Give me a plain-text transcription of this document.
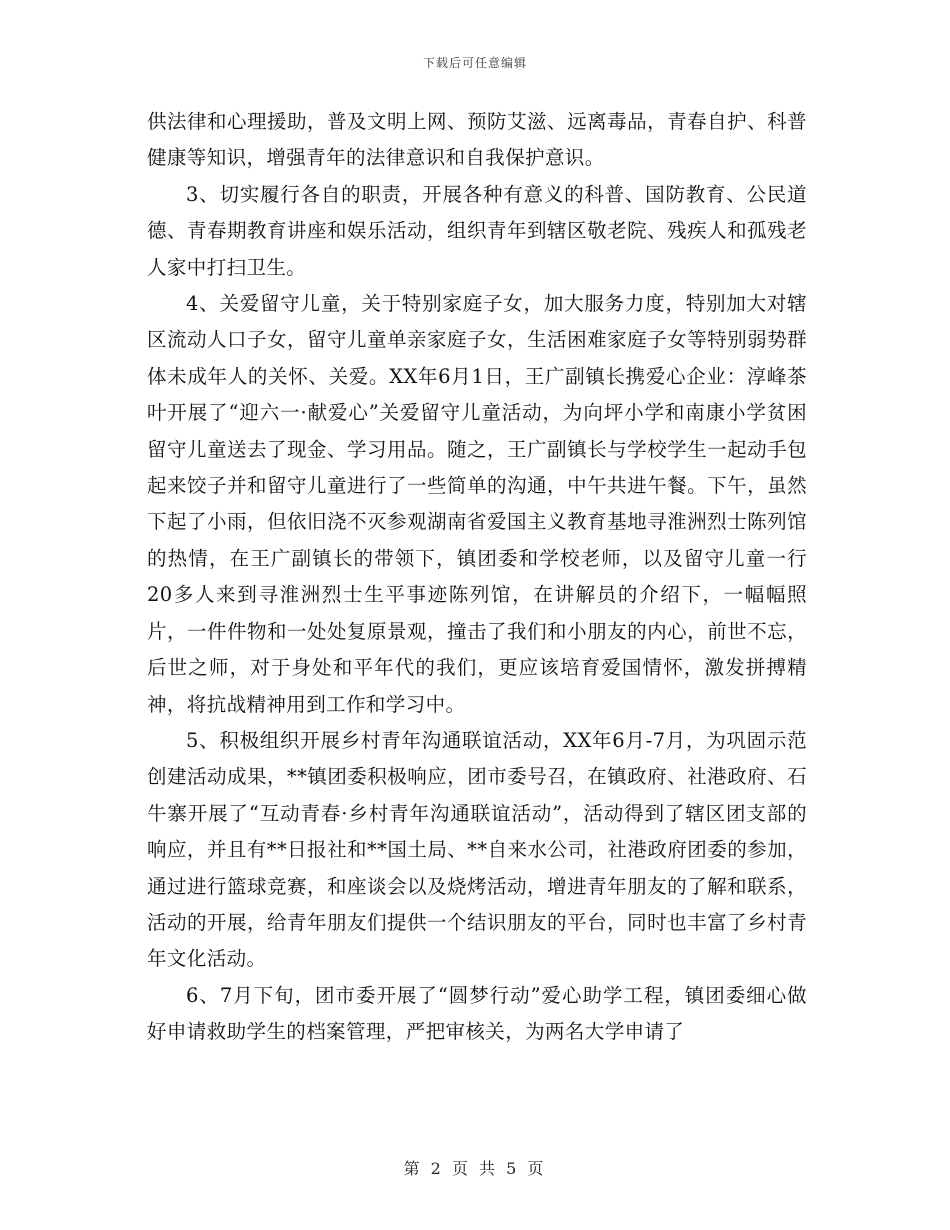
下载后可任意编辑

供法律和心理援助，普及文明上网、预防艾滋、远离毒品，青春自护、科普健康等知识，增强青年的法律意识和自我保护意识。

3、切实履行各自的职责，开展各种有意义的科普、国防教育、公民道德、青春期教育讲座和娱乐活动，组织青年到辖区敬老院、残疾人和孤残老人家中打扫卫生。

4、关爱留守儿童，关于特别家庭子女，加大服务力度，特别加大对辖区流动人口子女，留守儿童单亲家庭子女，生活困难家庭子女等特别弱势群体未成年人的关怀、关爱。XX年6月1日，王广副镇长携爱心企业：淳峰茶叶开展了“迎六一·献爱心”关爱留守儿童活动，为向坪小学和南康小学贫困留守儿童送去了现金、学习用品。随之，王广副镇长与学校学生一起动手包起来饺子并和留守儿童进行了一些简单的沟通，中午共进午餐。下午，虽然下起了小雨，但依旧浇不灭参观湖南省爱国主义教育基地寻淮洲烈士陈列馆的热情，在王广副镇长的带领下，镇团委和学校老师，以及留守儿童一行20多人来到寻淮洲烈士生平事迹陈列馆，在讲解员的介绍下，一幅幅照片，一件件物和一处处复原景观，撞击了我们和小朋友的内心，前世不忘，后世之师，对于身处和平年代的我们，更应该培育爱国情怀，激发拼搏精神，将抗战精神用到工作和学习中。

5、积极组织开展乡村青年沟通联谊活动，XX年6月-7月，为巩固示范创建活动成果，**镇团委积极响应，团市委号召，在镇政府、社港政府、石牛寨开展了“互动青春·乡村青年沟通联谊活动”，活动得到了辖区团支部的响应，并且有**日报社和**国土局、**自来水公司，社港政府团委的参加，通过进行篮球竞赛，和座谈会以及烧烤活动，增进青年朋友的了解和联系，活动的开展，给青年朋友们提供一个结识朋友的平台，同时也丰富了乡村青年文化活动。

6、7月下旬，团市委开展了“圆梦行动”爱心助学工程，镇团委细心做好申请救助学生的档案管理，严把审核关，为两名大学申请了

第 2 页 共 5 页
